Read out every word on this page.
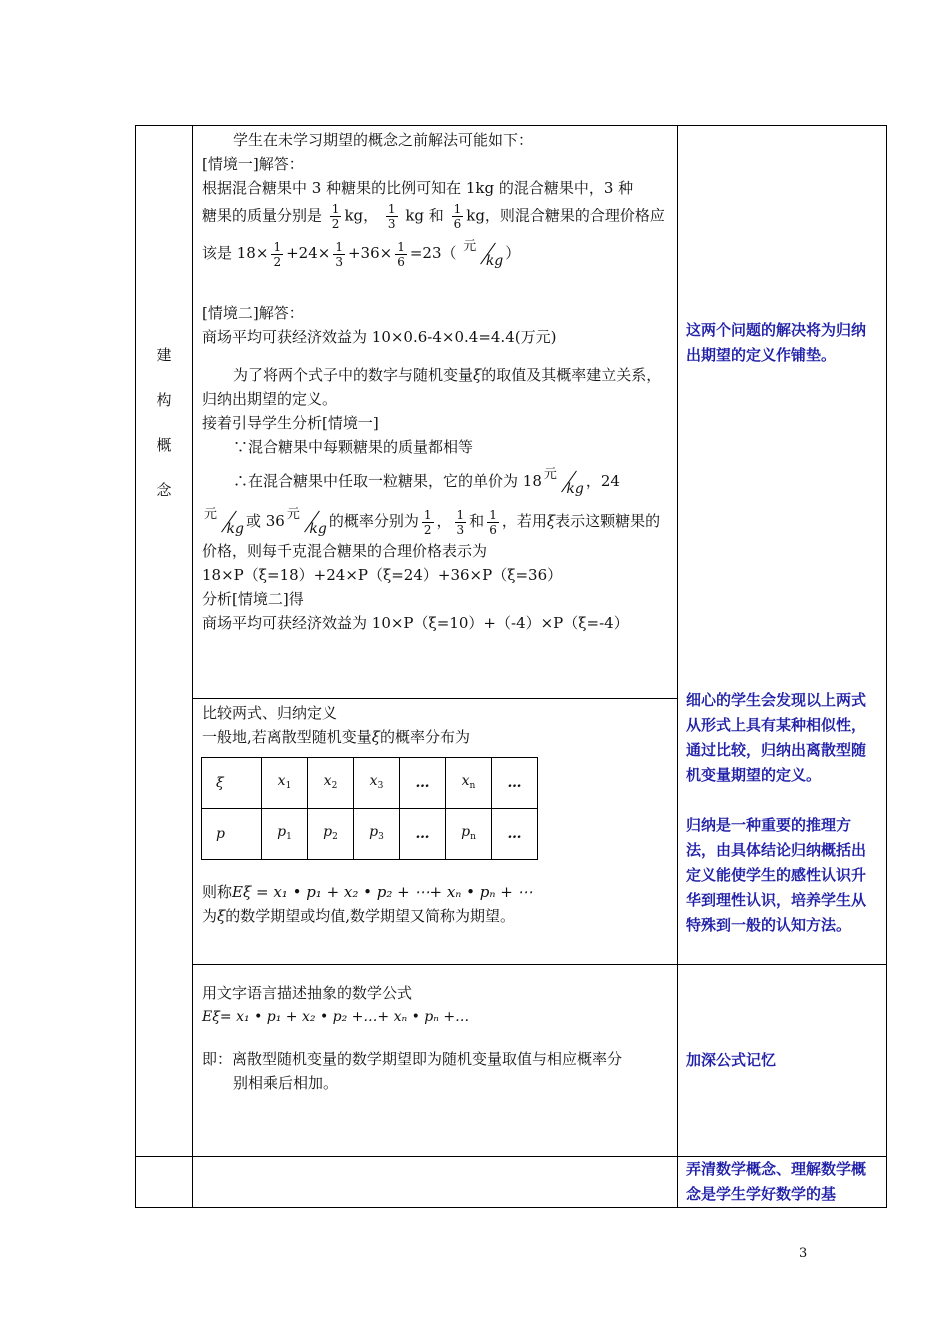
建
构
概
念

学生在未学习期望的概念之前解法可能如下：
[情境一]解答：
根据混合糖果中 3 种糖果的比例可知在 1kg 的混合糖果中，3 种
糖果的质量分别是 $\frac{1}{2}$ kg， $\frac{1}{3}$ kg 和 $\frac{1}{6}$ kg，则混合糖果的合理价格应
该是 $18\times \frac{1}{2} +24\times \frac{1}{3} +36\times \frac{1}{6} =23$（ 元
kg ）
[情境二]解答：
商场平均可获经济效益为 10×0.6-4×0.4=4.4(万元)
为了将两个式子中的数字与随机变量ξ的取值及其概率建立关系，归纳出期望的定义。
接着引导学生分析[情境一]
∵混合糖果中每颗糖果的质量都相等
∴在混合糖果中任取一粒糖果，它的单价为 18 元
kg ，24
元
kg 或 36 元
kg 的概率分别为 $\frac{1}{2}$ ， $\frac{1}{3}$ 和 $\frac{1}{6}$ ，若用ξ表示这颗糖果的
价格，则每千克混合糖果的合理价格表示为
18×P（ξ=18）+24×P（ξ=24）+36×P（ξ=36）
分析[情境二]得
商场平均可获经济效益为 10×P（ξ=10）+（-4）×P（ξ=-4）

这两个问题的解决将为归纳出期望的定义作铺垫。
细心的学生会发现以上两式从形式上具有某种相似性，通过比较，归纳出离散型随机变量期望的定义。
归纳是一种重要的推理方法，由具体结论归纳概括出定义能使学生的感性认识升华到理性认识，培养学生从特殊到一般的认知方法。

比较两式、归纳定义
一般地,若离散型随机变量ξ的概率分布为
ξ	$x_1$	$x_2$	$x_3$	…	$x_n$	…
p	$p_1$	$p_2$	$p_3$	…	$p_n$	…
则称Eξ = x₁ • p₁ + x₂ • p₂ + ⋯+ xₙ • pₙ + ⋯
为ξ的数学期望或均值,数学期望又简称为期望。

用文字语言描述抽象的数学公式
Eξ= x₁ • p₁ + x₂ • p₂ +…+ xₙ • pₙ +…
即：离散型随机变量的数学期望即为随机变量取值与相应概率分
别相乘后相加。

加深公式记忆

弄清数学概念、理解数学概念是学生学好数学的基
3
